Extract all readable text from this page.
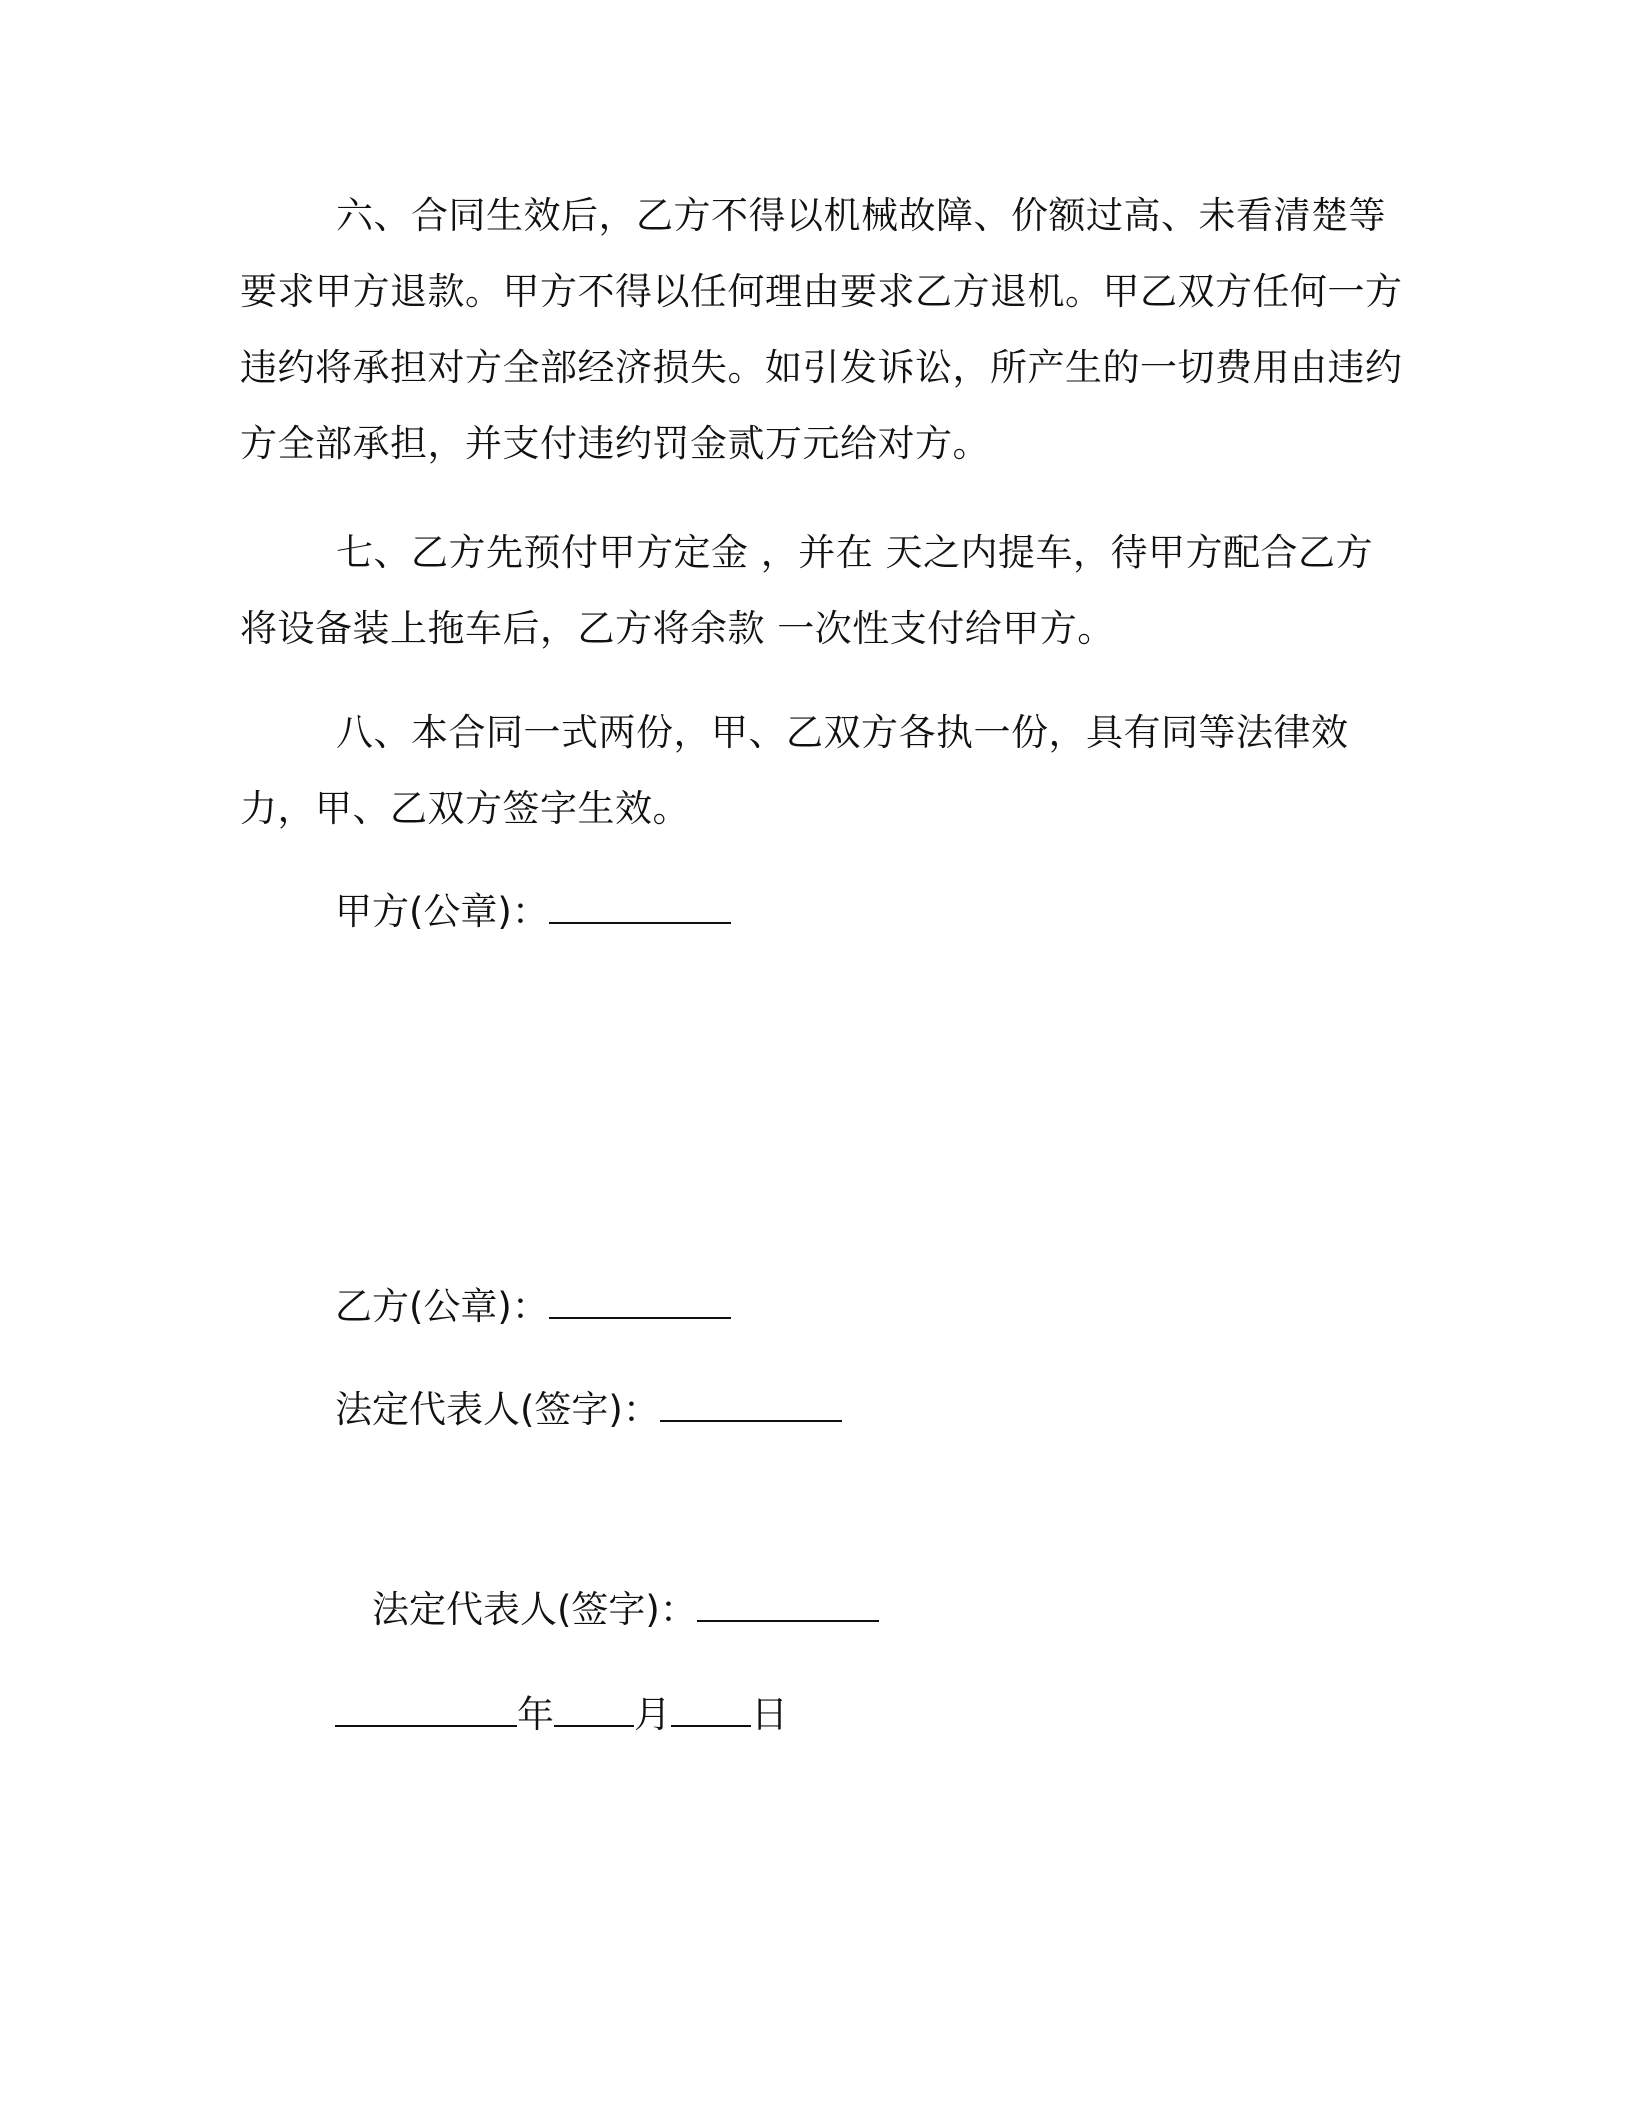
六、合同生效后，乙方不得以机械故障、价额过高、未看清楚等要求甲方退款。甲方不得以任何理由要求乙方退机。甲乙双方任何一方违约将承担对方全部经济损失。如引发诉讼，所产生的一切费用由违约方全部承担，并支付违约罚金贰万元给对方。

七、乙方先预付甲方定金 ，并在 天之内提车，待甲方配合乙方将设备装上拖车后，乙方将余款 一次性支付给甲方。

八、本合同一式两份，甲、乙双方各执一份，具有同等法律效力，甲、乙双方签字生效。

甲方(公章)：

乙方(公章)：

法定代表人(签字)：

法定代表人(签字)：

年 月 日
